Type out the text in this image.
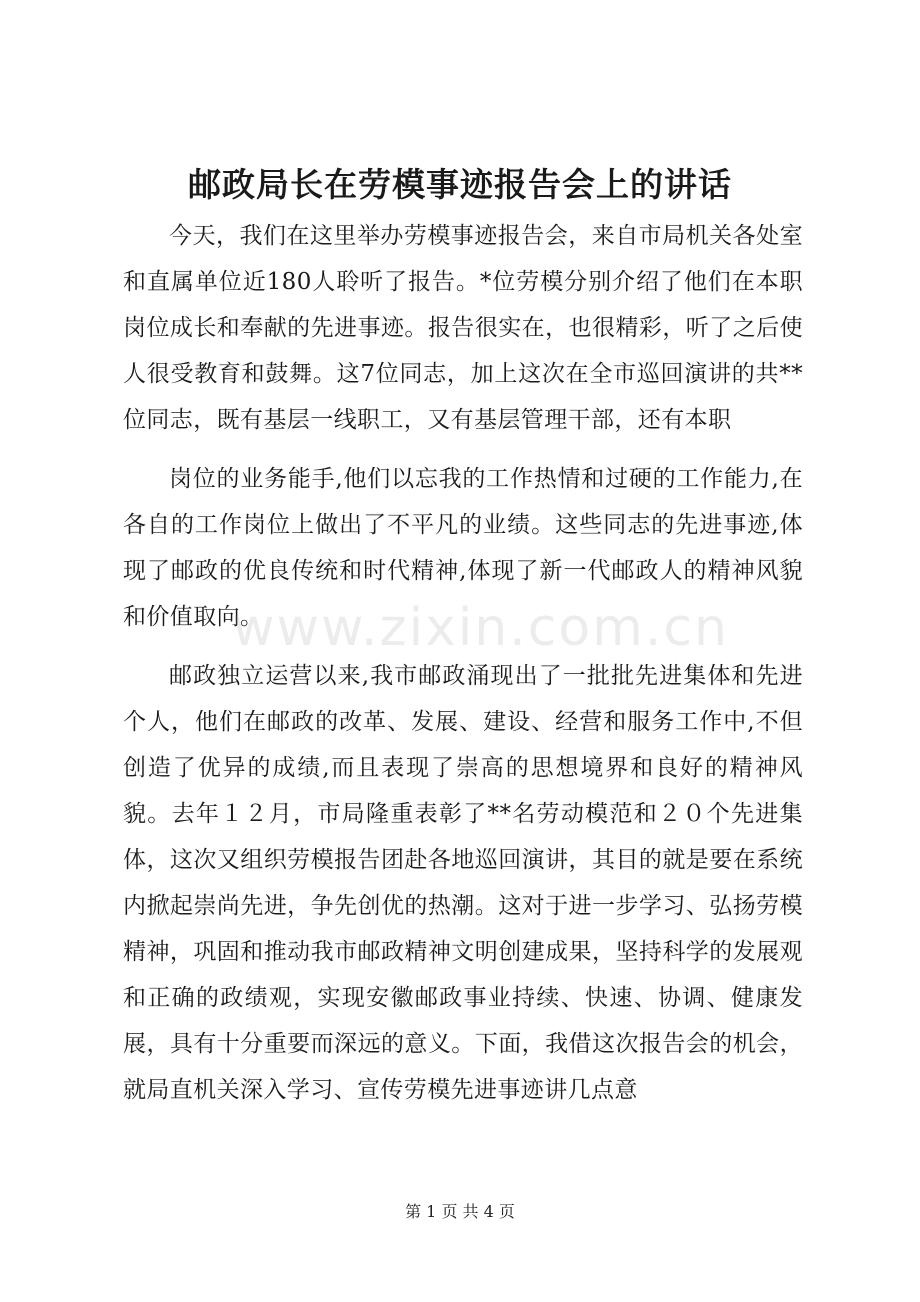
邮政局长在劳模事迹报告会上的讲话

今天，我们在这里举办劳模事迹报告会，来自市局机关各处室和直属单位近180人聆听了报告。*位劳模分别介绍了他们在本职岗位成长和奉献的先进事迹。报告很实在，也很精彩，听了之后使人很受教育和鼓舞。这7位同志，加上这次在全市巡回演讲的共**位同志，既有基层一线职工，又有基层管理干部，还有本职

岗位的业务能手,他们以忘我的工作热情和过硬的工作能力,在各自的工作岗位上做出了不平凡的业绩。这些同志的先进事迹,体现了邮政的优良传统和时代精神,体现了新一代邮政人的精神风貌和价值取向。

邮政独立运营以来,我市邮政涌现出了一批批先进集体和先进个人，他们在邮政的改革、发展、建设、经营和服务工作中,不但创造了优异的成绩,而且表现了崇高的思想境界和良好的精神风貌。去年１２月，市局隆重表彰了**名劳动模范和２０个先进集体，这次又组织劳模报告团赴各地巡回演讲，其目的就是要在系统内掀起崇尚先进，争先创优的热潮。这对于进一步学习、弘扬劳模精神，巩固和推动我市邮政精神文明创建成果，坚持科学的发展观和正确的政绩观，实现安徽邮政事业持续、快速、协调、健康发展，具有十分重要而深远的意义。下面，我借这次报告会的机会，就局直机关深入学习、宣传劳模先进事迹讲几点意

www.zixin.com.cn
第 1 页 共 4 页
